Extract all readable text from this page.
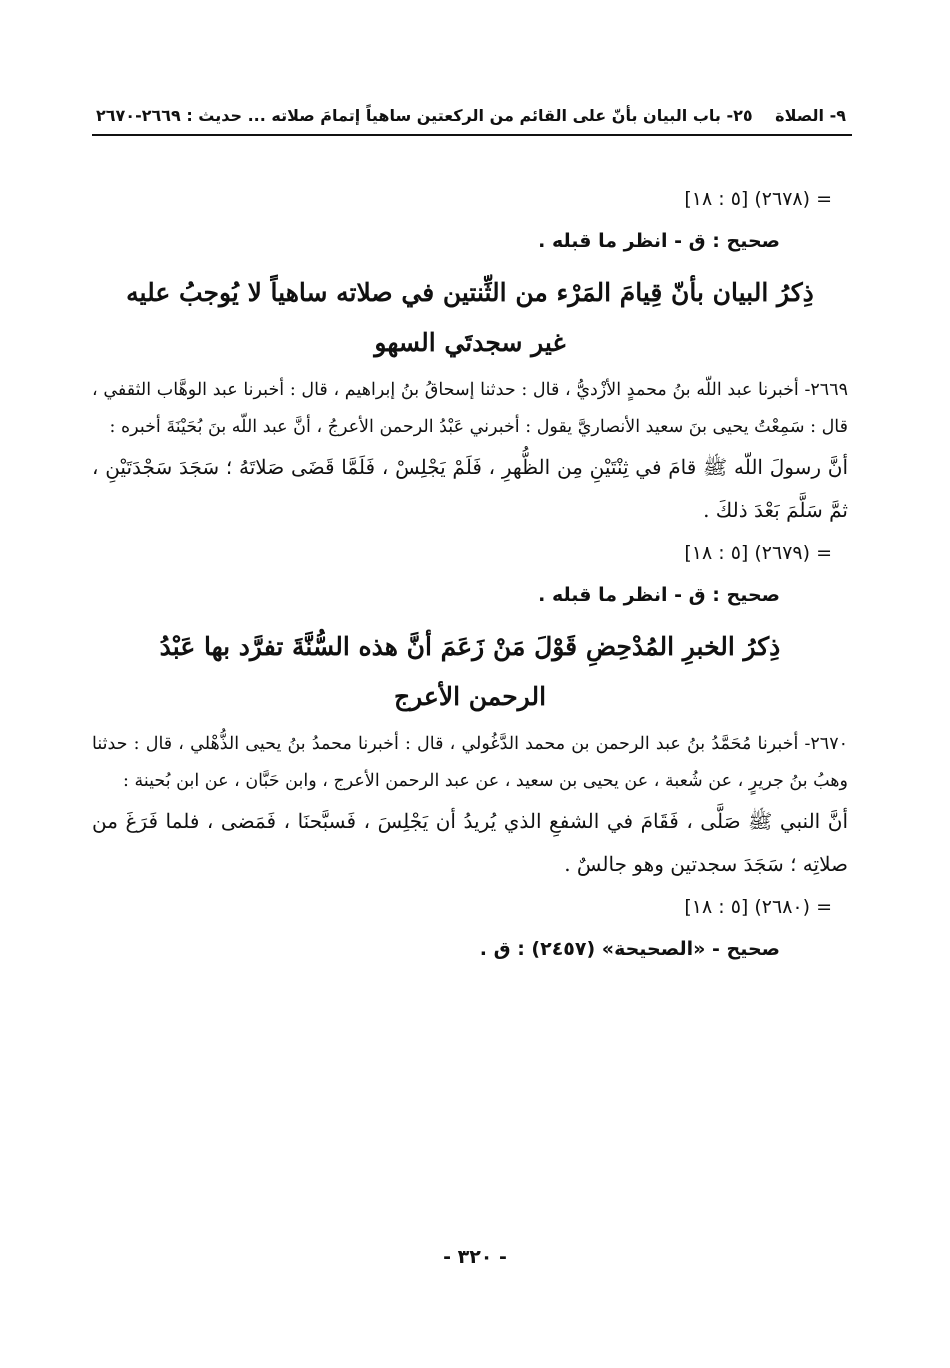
٩- الصلاة
٢٥- باب البيان بأنّ على القائم من الركعتين ساهياً إتمامَ صلاته ... حديث : ٢٦٦٩-٢٦٧٠
= (٢٦٧٨) [٥ : ١٨]
صحيح : ق - انظر ما قبله .
ذِكرُ البيان بأنّ قِيامَ المَرْء من الثِّنتين في صلاته ساهياً لا يُوجبُ عليه غير سجدتَي السهو

٢٦٦٩- أخبرنا عبد اللّه بنُ محمدٍ الأزْديُّ ، قال : حدثنا إسحاقُ بنُ إبراهيم ، قال : أخبرنا عبد الوهَّاب الثقفي ، قال : سَمِعْتُ يحيى بنَ سعيد الأنصاريَّ يقول : أخبرني عَبْدُ الرحمن الأعرجُ ، أنَّ عبد اللّه بنَ بُحَيْنَةَ أخبره :

أنَّ رسولَ اللّه ﷺ قامَ في ثِنْتَيْنِ مِن الظُّهرِ ، فَلَمْ يَجْلِسْ ، فَلَمَّا قَضَى صَلاتَهُ ؛ سَجَدَ سَجْدَتَيْنِ ، ثمَّ سَلَّمَ بَعْدَ ذلكَ .

= (٢٦٧٩) [٥ : ١٨]
صحيح : ق - انظر ما قبله .
ذِكرُ الخبرِ المُدْحِضِ قَوْلَ مَنْ زَعَمَ أنَّ هذه السُّنَّةَ تفرَّد بها عَبْدُ الرحمن الأعرج

٢٦٧٠- أخبرنا مُحَمَّدُ بنُ عبد الرحمن بن محمد الدَّغُولي ، قال : أخبرنا محمدُ بنُ يحيى الذُّهْلي ، قال : حدثنا وهبُ بنُ جريرٍ ، عن شُعبة ، عن يحيى بن سعيد ، عن عبد الرحمن الأعرج ، وابن حَبَّان ، عن ابن بُحينة :

أنَّ النبي ﷺ صَلَّى ، فَقَامَ في الشفعِ الذي يُريدُ أن يَجْلِسَ ، فَسبَّحنَا ، فَمَضى ، فلما فَرَغَ من صلاتِه ؛ سَجَدَ سجدتين وهو جالسٌ .

= (٢٦٨٠) [٥ : ١٨]
صحيح - «الصحيحة» (٢٤٥٧) : ق .
- ٣٢٠ -
